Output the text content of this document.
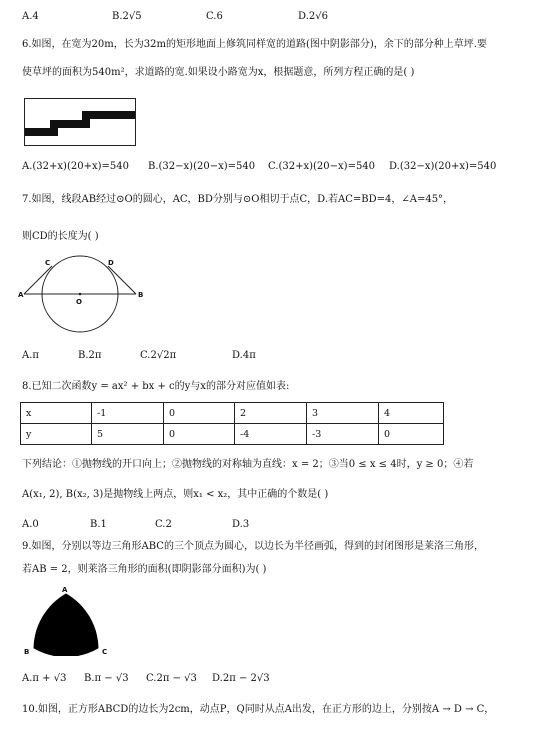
A.4	B.2√5	C.6	D.2√6
6.如图，在宽为20m，长为32m的矩形地面上修筑同样宽的道路(图中阴影部分)，余下的部分种上草坪.要
使草坪的面积为540m²，求道路的宽.如果设小路宽为x，根据题意，所列方程正确的是( )
A.(32+x)(20+x)=540 B.(32−x)(20−x)=540 C.(32+x)(20−x)=540 D.(32−x)(20+x)=540
7.如图，线段AB经过⊙O的圆心，AC，BD分别与⊙O相切于点C，D.若AC=BD=4，∠A=45°，
则CD的长度为( )
C	D
A
O
B
A.π	B.2π	C.2√2π	D.4π
8.已知二次函数y = ax² + bx + c的y与x的部分对应值如表:
x	-1	0	2	3	4
y	5	0	-4	-3	0
下列结论：①抛物线的开口向上；②抛物线的对称轴为直线：x = 2；③当0 ≤ x ≤ 4时，y ≥ 0；④若
A(x₁, 2), B(x₂, 3)是抛物线上两点，则x₁ < x₂，其中正确的个数是( )
A.0	B.1	C.2	D.3
9.如图，分别以等边三角形ABC的三个顶点为圆心，以边长为半径画弧，得到的封闭图形是莱洛三角形，
若AB = 2，则莱洛三角形的面积(即阴影部分面积)为( )
A
B	C
A.π + √3 B.π − √3 C.2π − √3 D.2π − 2√3
10.如图，正方形ABCD的边长为2cm，动点P，Q同时从点A出发，在正方形的边上，分别按A → D → C，
